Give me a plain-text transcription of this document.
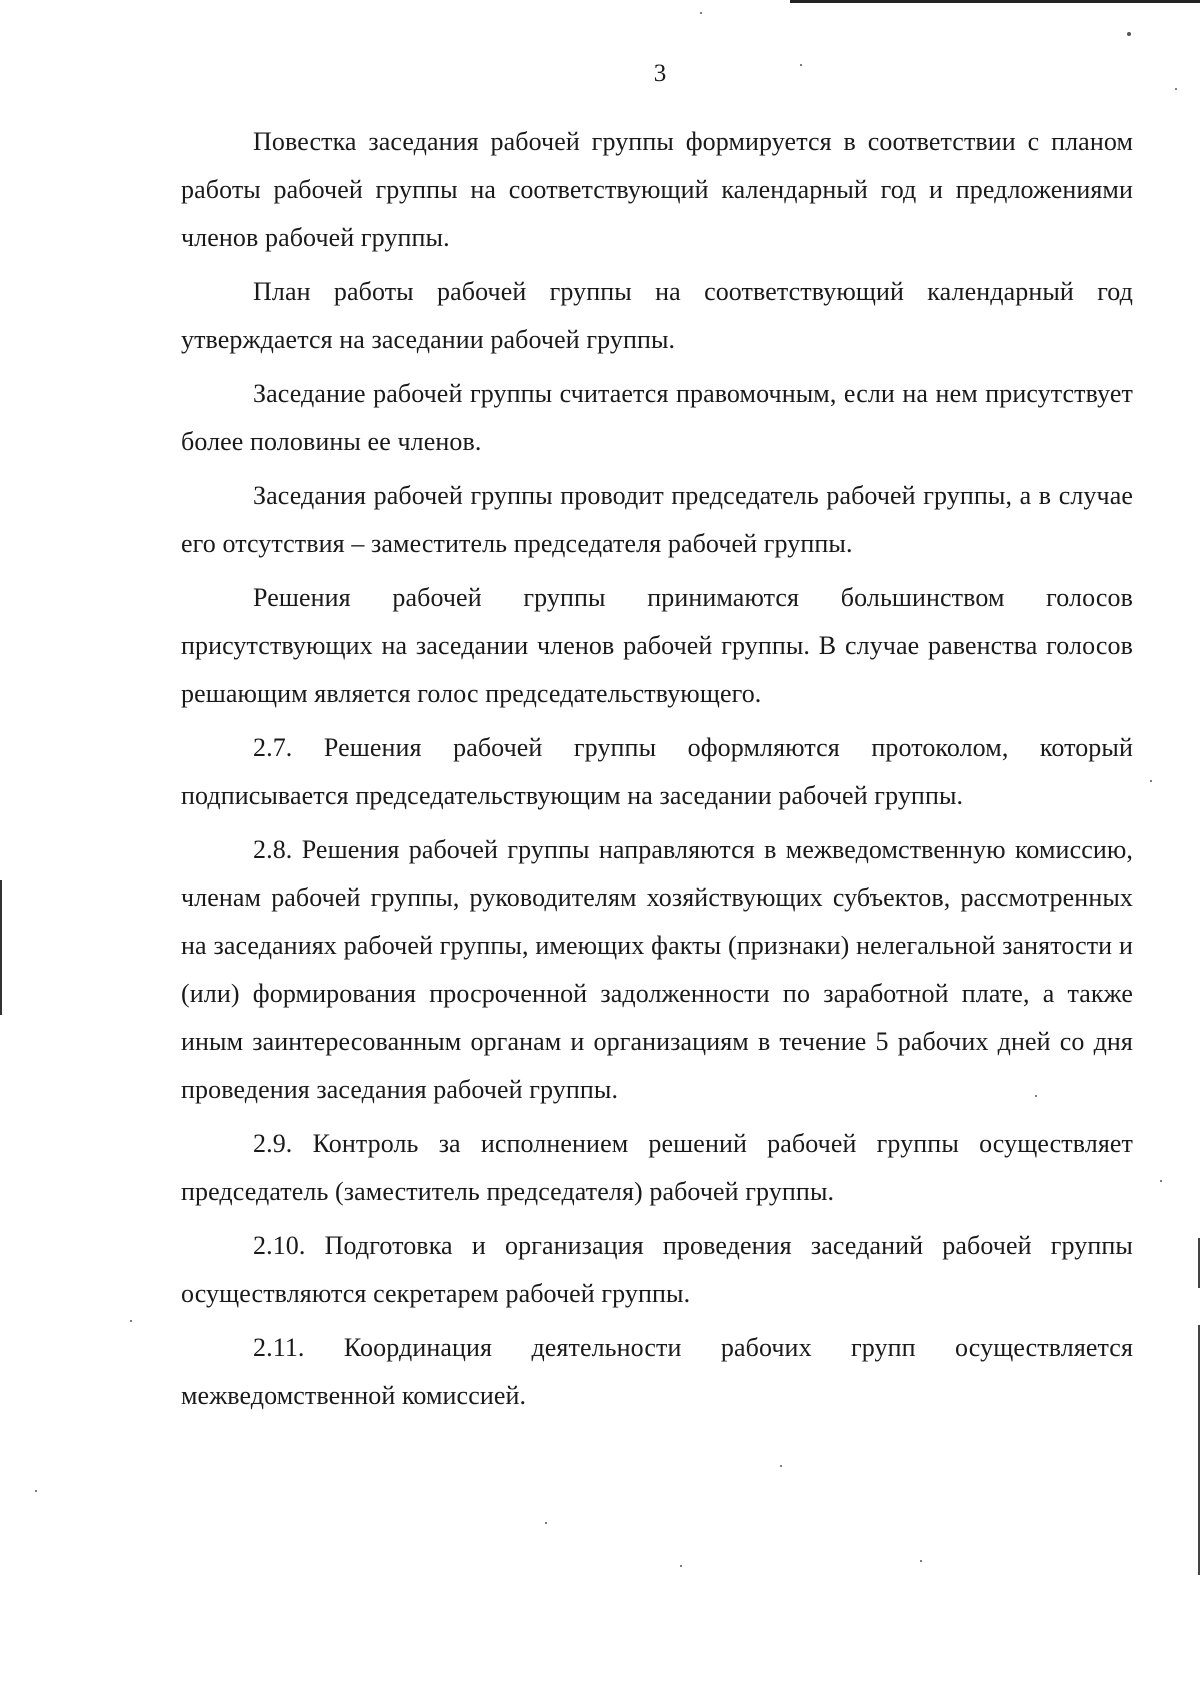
3

Повестка заседания рабочей группы формируется в соответствии с планом работы рабочей группы на соответствующий календарный год и предложениями членов рабочей группы.

План работы рабочей группы на соответствующий календарный год утверждается на заседании рабочей группы.

Заседание рабочей группы считается правомочным, если на нем присутствует более половины ее членов.

Заседания рабочей группы проводит председатель рабочей группы, а в случае его отсутствия – заместитель председателя рабочей группы.

Решения рабочей группы принимаются большинством голосов присутствующих на заседании членов рабочей группы. В случае равенства голосов решающим является голос председательствующего.

2.7. Решения рабочей группы оформляются протоколом, который подписывается председательствующим на заседании рабочей группы.

2.8. Решения рабочей группы направляются в межведомственную комиссию, членам рабочей группы, руководителям хозяйствующих субъектов, рассмотренных на заседаниях рабочей группы, имеющих факты (признаки) нелегальной занятости и (или) формирования просроченной задолженности по заработной плате, а также иным заинтересованным органам и организациям в течение 5 рабочих дней со дня проведения заседания рабочей группы.

2.9. Контроль за исполнением решений рабочей группы осуществляет председатель (заместитель председателя) рабочей группы.

2.10. Подготовка и организация проведения заседаний рабочей группы осуществляются секретарем рабочей группы.

2.11. Координация деятельности рабочих групп осуществляется межведомственной комиссией.
